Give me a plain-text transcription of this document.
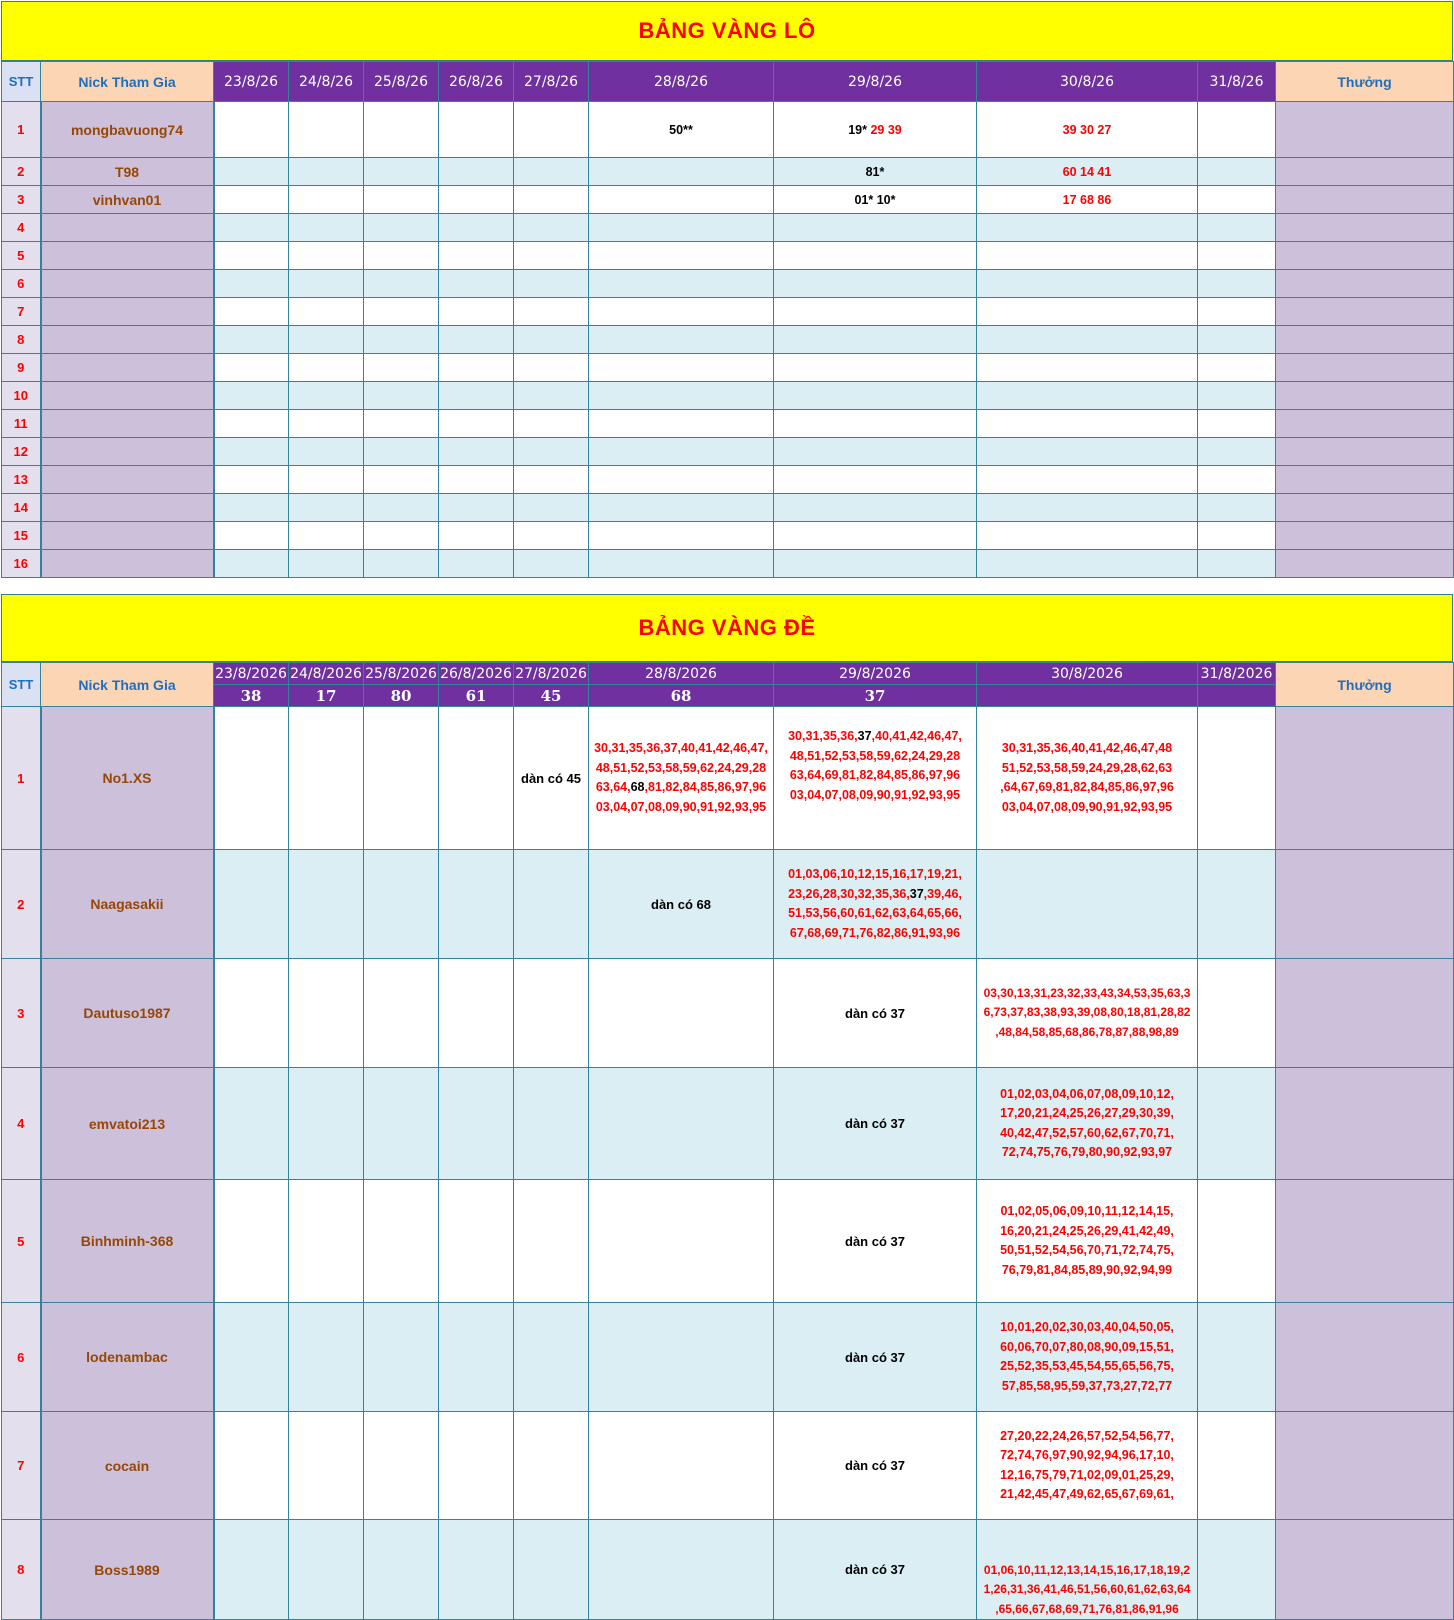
BẢNG VÀNG LÔ
STT	Nick Tham Gia	23/8/26	24/8/26	25/8/26	26/8/26	27/8/26	28/8/26	29/8/26	30/8/26	31/8/26	Thưởng
1	mongbavuong74						50**	19* 29 39	39 30 27		
2	T98							81*	60 14 41		
3	vinhvan01							01* 10*	17 68 86		
4											
5											
6											
7											
8											
9											
10											
11											
12											
13											
14											
15											
16											
BẢNG VÀNG ĐỀ
STT	Nick Tham Gia	23/8/2026	24/8/2026	25/8/2026	26/8/2026	27/8/2026	28/8/2026	29/8/2026	30/8/2026	31/8/2026	Thưởng
		38	17	80	61	45	68	37			
1	No1.XS					dàn có 45	30,31,35,36,37,40,41,42,46,47,
48,51,52,53,58,59,62,24,29,28
63,64,68,81,82,84,85,86,97,96
03,04,07,08,09,90,91,92,93,95	30,31,35,36,37,40,41,42,46,47,
48,51,52,53,58,59,62,24,29,28
63,64,69,81,82,84,85,86,97,96
03,04,07,08,09,90,91,92,93,95	30,31,35,36,40,41,42,46,47,48
51,52,53,58,59,24,29,28,62,63
,64,67,69,81,82,84,85,86,97,96
03,04,07,08,09,90,91,92,93,95		
2	Naagasakii						dàn có 68	01,03,06,10,12,15,16,17,19,21,
23,26,28,30,32,35,36,37,39,46,
51,53,56,60,61,62,63,64,65,66,
67,68,69,71,76,82,86,91,93,96			
3	Dautuso1987							dàn có 37	03,30,13,31,23,32,33,43,34,53,35,63,3
6,73,37,83,38,93,39,08,80,18,81,28,82
,48,84,58,85,68,86,78,87,88,98,89		
4	emvatoi213							dàn có 37	01,02,03,04,06,07,08,09,10,12,
17,20,21,24,25,26,27,29,30,39,
40,42,47,52,57,60,62,67,70,71,
72,74,75,76,79,80,90,92,93,97		
5	Binhminh-368							dàn có 37	01,02,05,06,09,10,11,12,14,15,
16,20,21,24,25,26,29,41,42,49,
50,51,52,54,56,70,71,72,74,75,
76,79,81,84,85,89,90,92,94,99		
6	lodenambac							dàn có 37	10,01,20,02,30,03,40,04,50,05,
60,06,70,07,80,08,90,09,15,51,
25,52,35,53,45,54,55,65,56,75,
57,85,58,95,59,37,73,27,72,77		
7	cocain							dàn có 37	27,20,22,24,26,57,52,54,56,77,
72,74,76,97,90,92,94,96,17,10,
12,16,75,79,71,02,09,01,25,29,
21,42,45,47,49,62,65,67,69,61,		
8	Boss1989							dàn có 37	01,06,10,11,12,13,14,15,16,17,18,19,2
1,26,31,36,41,46,51,56,60,61,62,63,64
,65,66,67,68,69,71,76,81,86,91,96		
